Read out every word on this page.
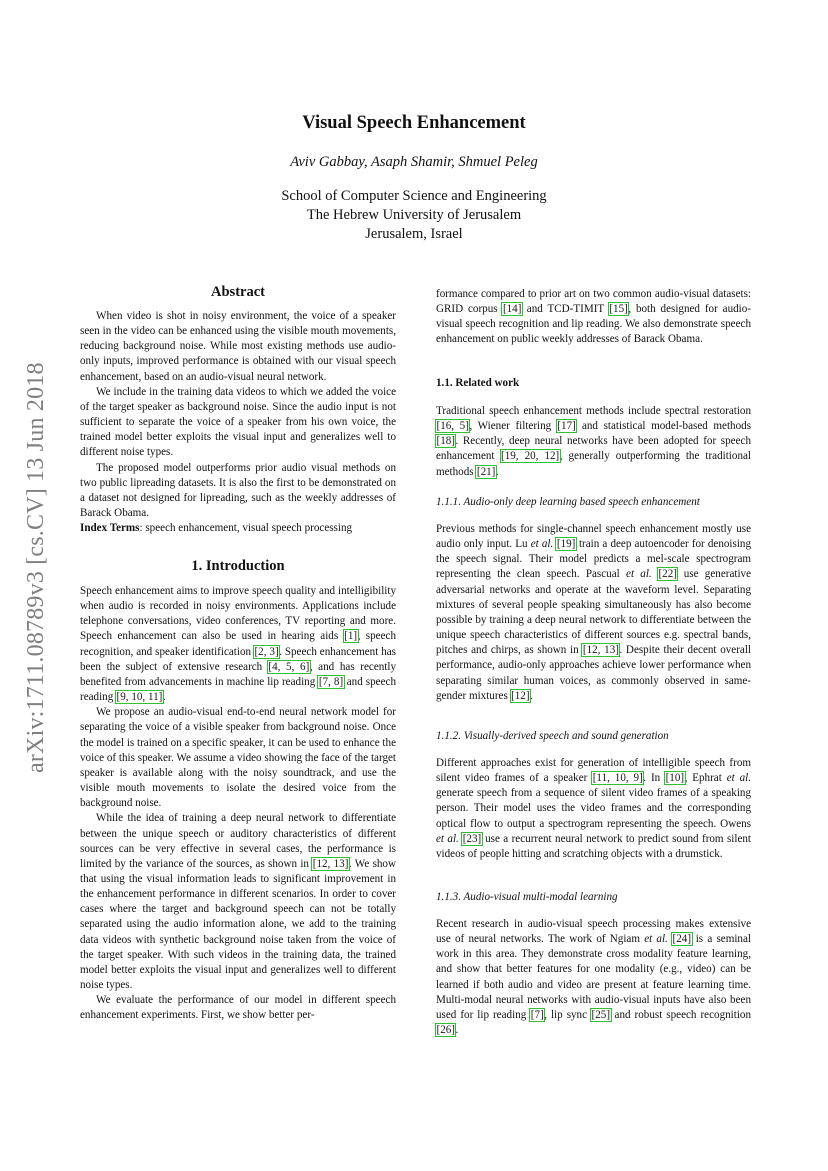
Visual Speech Enhancement
Aviv Gabbay, Asaph Shamir, Shmuel Peleg
School of Computer Science and Engineering
The Hebrew University of Jerusalem
Jerusalem, Israel
arXiv:1711.08789v3 [cs.CV] 13 Jun 2018
Abstract

When video is shot in noisy environment, the voice of a speaker seen in the video can be enhanced using the visible mouth movements, reducing background noise. While most existing methods use audio-only inputs, improved performance is obtained with our visual speech enhancement, based on an audio-visual neural network.

We include in the training data videos to which we added the voice of the target speaker as background noise. Since the audio input is not sufficient to separate the voice of a speaker from his own voice, the trained model better exploits the visual input and generalizes well to different noise types.

The proposed model outperforms prior audio visual methods on two public lipreading datasets. It is also the first to be demonstrated on a dataset not designed for lipreading, such as the weekly addresses of Barack Obama.

Index Terms: speech enhancement, visual speech processing

1. Introduction

Speech enhancement aims to improve speech quality and intelligibility when audio is recorded in noisy environments. Applications include telephone conversations, video conferences, TV reporting and more. Speech enhancement can also be used in hearing aids [1], speech recognition, and speaker identification [2, 3]. Speech enhancement has been the subject of extensive research [4, 5, 6], and has recently benefited from advancements in machine lip reading [7, 8] and speech reading [9, 10, 11].

We propose an audio-visual end-to-end neural network model for separating the voice of a visible speaker from background noise. Once the model is trained on a specific speaker, it can be used to enhance the voice of this speaker. We assume a video showing the face of the target speaker is available along with the noisy soundtrack, and use the visible mouth movements to isolate the desired voice from the background noise.

While the idea of training a deep neural network to differentiate between the unique speech or auditory characteristics of different sources can be very effective in several cases, the performance is limited by the variance of the sources, as shown in [12, 13]. We show that using the visual information leads to significant improvement in the enhancement performance in different scenarios. In order to cover cases where the target and background speech can not be totally separated using the audio information alone, we add to the training data videos with synthetic background noise taken from the voice of the target speaker. With such videos in the training data, the trained model better exploits the visual input and generalizes well to different noise types.

We evaluate the performance of our model in different speech enhancement experiments. First, we show better per-

formance compared to prior art on two common audio-visual datasets: GRID corpus [14] and TCD-TIMIT [15], both designed for audio-visual speech recognition and lip reading. We also demonstrate speech enhancement on public weekly addresses of Barack Obama.

1.1. Related work

Traditional speech enhancement methods include spectral restoration [16, 5], Wiener filtering [17] and statistical model-based methods [18]. Recently, deep neural networks have been adopted for speech enhancement [19, 20, 12], generally outperforming the traditional methods [21].

1.1.1. Audio-only deep learning based speech enhancement

Previous methods for single-channel speech enhancement mostly use audio only input. Lu et al. [19] train a deep autoencoder for denoising the speech signal. Their model predicts a mel-scale spectrogram representing the clean speech. Pascual et al. [22] use generative adversarial networks and operate at the waveform level. Separating mixtures of several people speaking simultaneously has also become possible by training a deep neural network to differentiate between the unique speech characteristics of different sources e.g. spectral bands, pitches and chirps, as shown in [12, 13]. Despite their decent overall performance, audio-only approaches achieve lower performance when separating similar human voices, as commonly observed in same-gender mixtures [12].

1.1.2. Visually-derived speech and sound generation

Different approaches exist for generation of intelligible speech from silent video frames of a speaker [11, 10, 9]. In [10], Ephrat et al. generate speech from a sequence of silent video frames of a speaking person. Their model uses the video frames and the corresponding optical flow to output a spectrogram representing the speech. Owens et al. [23] use a recurrent neural network to predict sound from silent videos of people hitting and scratching objects with a drumstick.

1.1.3. Audio-visual multi-modal learning

Recent research in audio-visual speech processing makes extensive use of neural networks. The work of Ngiam et al. [24] is a seminal work in this area. They demonstrate cross modality feature learning, and show that better features for one modality (e.g., video) can be learned if both audio and video are present at feature learning time. Multi-modal neural networks with audio-visual inputs have also been used for lip reading [7], lip sync [25] and robust speech recognition [26].
